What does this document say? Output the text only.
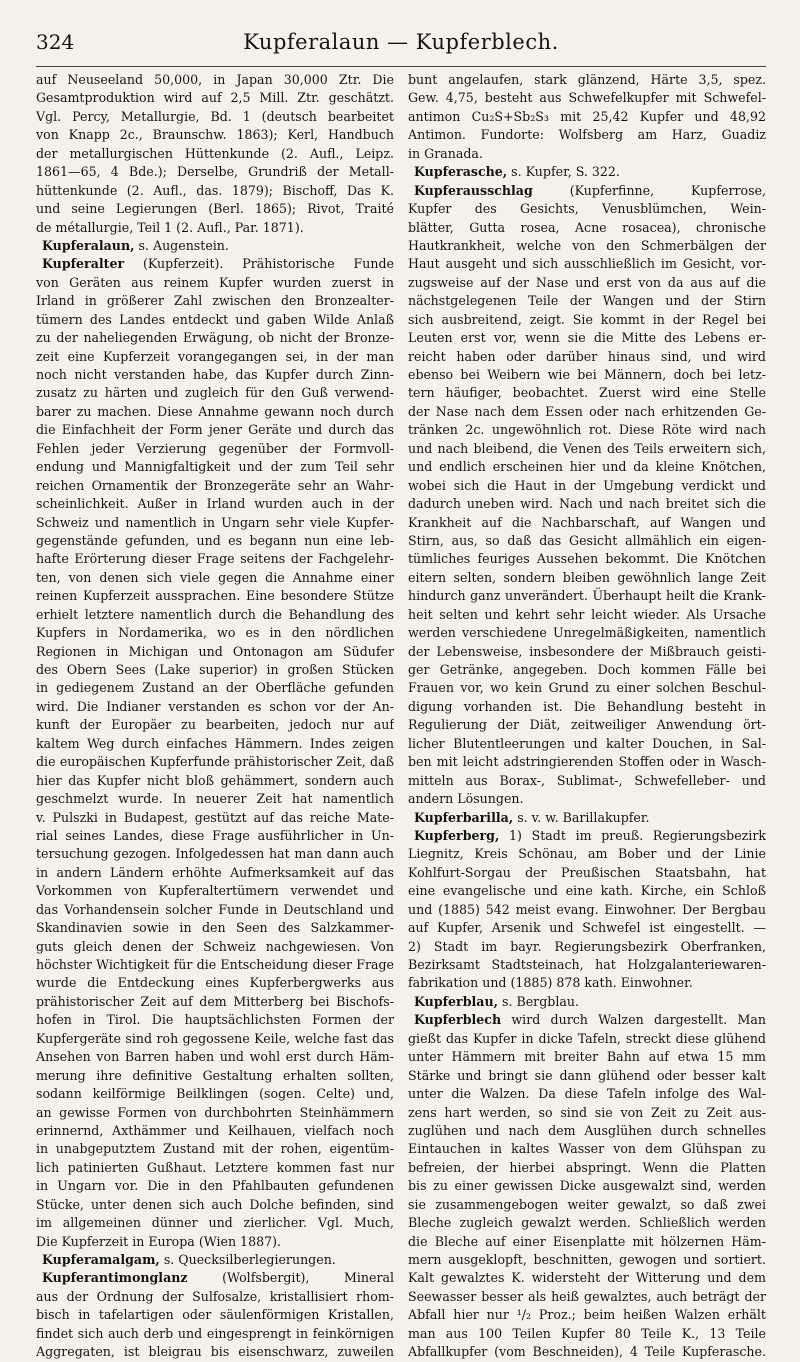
324	Kupferalaun — Kupferblech.
auf Neuseeland 50,000, in Japan 30,000 Ztr. Die
Gesamtproduktion wird auf 2,5 Mill. Ztr. geschätzt.
Vgl. Percy, Metallurgie, Bd. 1 (deutsch bearbeitet
von Knapp 2c., Braunschw. 1863); Kerl, Handbuch
der metallurgischen Hüttenkunde (2. Aufl., Leipz.
1861—65, 4 Bde.); Derselbe, Grundriß der Metall-
hüttenkunde (2. Aufl., das. 1879); Bischoff, Das K.
und seine Legierungen (Berl. 1865); Rivot, Traité
de métallurgie, Teil 1 (2. Aufl., Par. 1871).
Kupferalaun, s. Augenstein.
Kupferalter (Kupferzeit). Prähistorische Funde
von Geräten aus reinem Kupfer wurden zuerst in
Irland in größerer Zahl zwischen den Bronzealter-
tümern des Landes entdeckt und gaben Wilde Anlaß
zu der naheliegenden Erwägung, ob nicht der Bronze-
zeit eine Kupferzeit vorangegangen sei, in der man
noch nicht verstanden habe, das Kupfer durch Zinn-
zusatz zu härten und zugleich für den Guß verwend-
barer zu machen. Diese Annahme gewann noch durch
die Einfachheit der Form jener Geräte und durch das
Fehlen jeder Verzierung gegenüber der Formvoll-
endung und Mannigfaltigkeit und der zum Teil sehr
reichen Ornamentik der Bronzegeräte sehr an Wahr-
scheinlichkeit. Außer in Irland wurden auch in der
Schweiz und namentlich in Ungarn sehr viele Kupfer-
gegenstände gefunden, und es begann nun eine leb-
hafte Erörterung dieser Frage seitens der Fachgelehr-
ten, von denen sich viele gegen die Annahme einer
reinen Kupferzeit aussprachen. Eine besondere Stütze
erhielt letztere namentlich durch die Behandlung des
Kupfers in Nordamerika, wo es in den nördlichen
Regionen in Michigan und Ontonagon am Südufer
des Obern Sees (Lake superior) in großen Stücken
in gediegenem Zustand an der Oberfläche gefunden
wird. Die Indianer verstanden es schon vor der An-
kunft der Europäer zu bearbeiten, jedoch nur auf
kaltem Weg durch einfaches Hämmern. Indes zeigen
die europäischen Kupferfunde prähistorischer Zeit, daß
hier das Kupfer nicht bloß gehämmert, sondern auch
geschmelzt wurde. In neuerer Zeit hat namentlich
v. Pulszki in Budapest, gestützt auf das reiche Mate-
rial seines Landes, diese Frage ausführlicher in Un-
tersuchung gezogen. Infolgedessen hat man dann auch
in andern Ländern erhöhte Aufmerksamkeit auf das
Vorkommen von Kupferaltertümern verwendet und
das Vorhandensein solcher Funde in Deutschland und
Skandinavien sowie in den Seen des Salzkammer-
guts gleich denen der Schweiz nachgewiesen. Von
höchster Wichtigkeit für die Entscheidung dieser Frage
wurde die Entdeckung eines Kupferbergwerks aus
prähistorischer Zeit auf dem Mitterberg bei Bischofs-
hofen in Tirol. Die hauptsächlichsten Formen der
Kupfergeräte sind roh gegossene Keile, welche fast das
Ansehen von Barren haben und wohl erst durch Häm-
merung ihre definitive Gestaltung erhalten sollten,
sodann keilförmige Beilklingen (sogen. Celte) und,
an gewisse Formen von durchbohrten Steinhämmern
erinnernd, Axthämmer und Keilhauen, vielfach noch
in unabgeputztem Zustand mit der rohen, eigentüm-
lich patinierten Gußhaut. Letztere kommen fast nur
in Ungarn vor. Die in den Pfahlbauten gefundenen
Stücke, unter denen sich auch Dolche befinden, sind
im allgemeinen dünner und zierlicher. Vgl. Much,
Die Kupferzeit in Europa (Wien 1887).
Kupferamalgam, s. Quecksilberlegierungen.
Kupferantimonglanz (Wolfsbergit), Mineral
aus der Ordnung der Sulfosalze, kristallisiert rhom-
bisch in tafelartigen oder säulenförmigen Kristallen,
findet sich auch derb und eingesprengt in feinkörnigen
Aggregaten, ist bleigrau bis eisenschwarz, zuweilen
bunt angelaufen, stark glänzend, Härte 3,5, spez.
Gew. 4,75, besteht aus Schwefelkupfer mit Schwefel-
antimon Cu₂S+Sb₂S₃ mit 25,42 Kupfer und 48,92
Antimon. Fundorte: Wolfsberg am Harz, Guadiz
in Granada.
Kupferasche, s. Kupfer, S. 322.
Kupferausschlag (Kupferfinne, Kupferrose,
Kupfer des Gesichts, Venusblümchen, Wein-
blätter, Gutta rosea, Acne rosacea), chronische
Hautkrankheit, welche von den Schmerbälgen der
Haut ausgeht und sich ausschließlich im Gesicht, vor-
zugsweise auf der Nase und erst von da aus auf die
nächstgelegenen Teile der Wangen und der Stirn
sich ausbreitend, zeigt. Sie kommt in der Regel bei
Leuten erst vor, wenn sie die Mitte des Lebens er-
reicht haben oder darüber hinaus sind, und wird
ebenso bei Weibern wie bei Männern, doch bei letz-
tern häufiger, beobachtet. Zuerst wird eine Stelle
der Nase nach dem Essen oder nach erhitzenden Ge-
tränken 2c. ungewöhnlich rot. Diese Röte wird nach
und nach bleibend, die Venen des Teils erweitern sich,
und endlich erscheinen hier und da kleine Knötchen,
wobei sich die Haut in der Umgebung verdickt und
dadurch uneben wird. Nach und nach breitet sich die
Krankheit auf die Nachbarschaft, auf Wangen und
Stirn, aus, so daß das Gesicht allmählich ein eigen-
tümliches feuriges Aussehen bekommt. Die Knötchen
eitern selten, sondern bleiben gewöhnlich lange Zeit
hindurch ganz unverändert. Überhaupt heilt die Krank-
heit selten und kehrt sehr leicht wieder. Als Ursache
werden verschiedene Unregelmäßigkeiten, namentlich
der Lebensweise, insbesondere der Mißbrauch geisti-
ger Getränke, angegeben. Doch kommen Fälle bei
Frauen vor, wo kein Grund zu einer solchen Beschul-
digung vorhanden ist. Die Behandlung besteht in
Regulierung der Diät, zeitweiliger Anwendung ört-
licher Blutentleerungen und kalter Douchen, in Sal-
ben mit leicht adstringierenden Stoffen oder in Wasch-
mitteln aus Borax-, Sublimat-, Schwefelleber- und
andern Lösungen.
Kupferbarilla, s. v. w. Barillakupfer.
Kupferberg, 1) Stadt im preuß. Regierungsbezirk
Liegnitz, Kreis Schönau, am Bober und der Linie
Kohlfurt-Sorgau der Preußischen Staatsbahn, hat
eine evangelische und eine kath. Kirche, ein Schloß
und (1885) 542 meist evang. Einwohner. Der Bergbau
auf Kupfer, Arsenik und Schwefel ist eingestellt. —
2) Stadt im bayr. Regierungsbezirk Oberfranken,
Bezirksamt Stadtsteinach, hat Holzgalanteriewaren-
fabrikation und (1885) 878 kath. Einwohner.
Kupferblau, s. Bergblau.
Kupferblech wird durch Walzen dargestellt. Man
gießt das Kupfer in dicke Tafeln, streckt diese glühend
unter Hämmern mit breiter Bahn auf etwa 15 mm
Stärke und bringt sie dann glühend oder besser kalt
unter die Walzen. Da diese Tafeln infolge des Wal-
zens hart werden, so sind sie von Zeit zu Zeit aus-
zuglühen und nach dem Ausglühen durch schnelles
Eintauchen in kaltes Wasser von dem Glühspan zu
befreien, der hierbei abspringt. Wenn die Platten
bis zu einer gewissen Dicke ausgewalzt sind, werden
sie zusammengebogen weiter gewalzt, so daß zwei
Bleche zugleich gewalzt werden. Schließlich werden
die Bleche auf einer Eisenplatte mit hölzernen Häm-
mern ausgeklopft, beschnitten, gewogen und sortiert.
Kalt gewalztes K. widersteht der Witterung und dem
Seewasser besser als heiß gewalztes, auch beträgt der
Abfall hier nur ¹/₂ Proz.; beim heißen Walzen erhält
man aus 100 Teilen Kupfer 80 Teile K., 13 Teile
Abfallkupfer (vom Beschneiden), 4 Teile Kupferasche.
